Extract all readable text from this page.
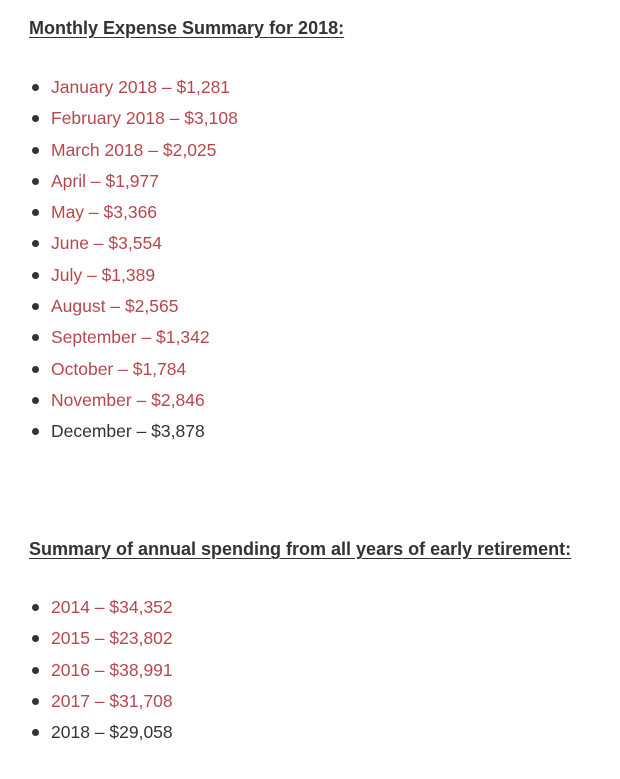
Monthly Expense Summary for 2018:
January 2018 – $1,281
February 2018 – $3,108
March 2018 – $2,025
April – $1,977
May – $3,366
June – $3,554
July – $1,389
August – $2,565
September – $1,342
October – $1,784
November – $2,846
December – $3,878
Summary of annual spending from all years of early retirement:
2014 – $34,352
2015 – $23,802
2016 – $38,991
2017 – $31,708
2018 – $29,058
